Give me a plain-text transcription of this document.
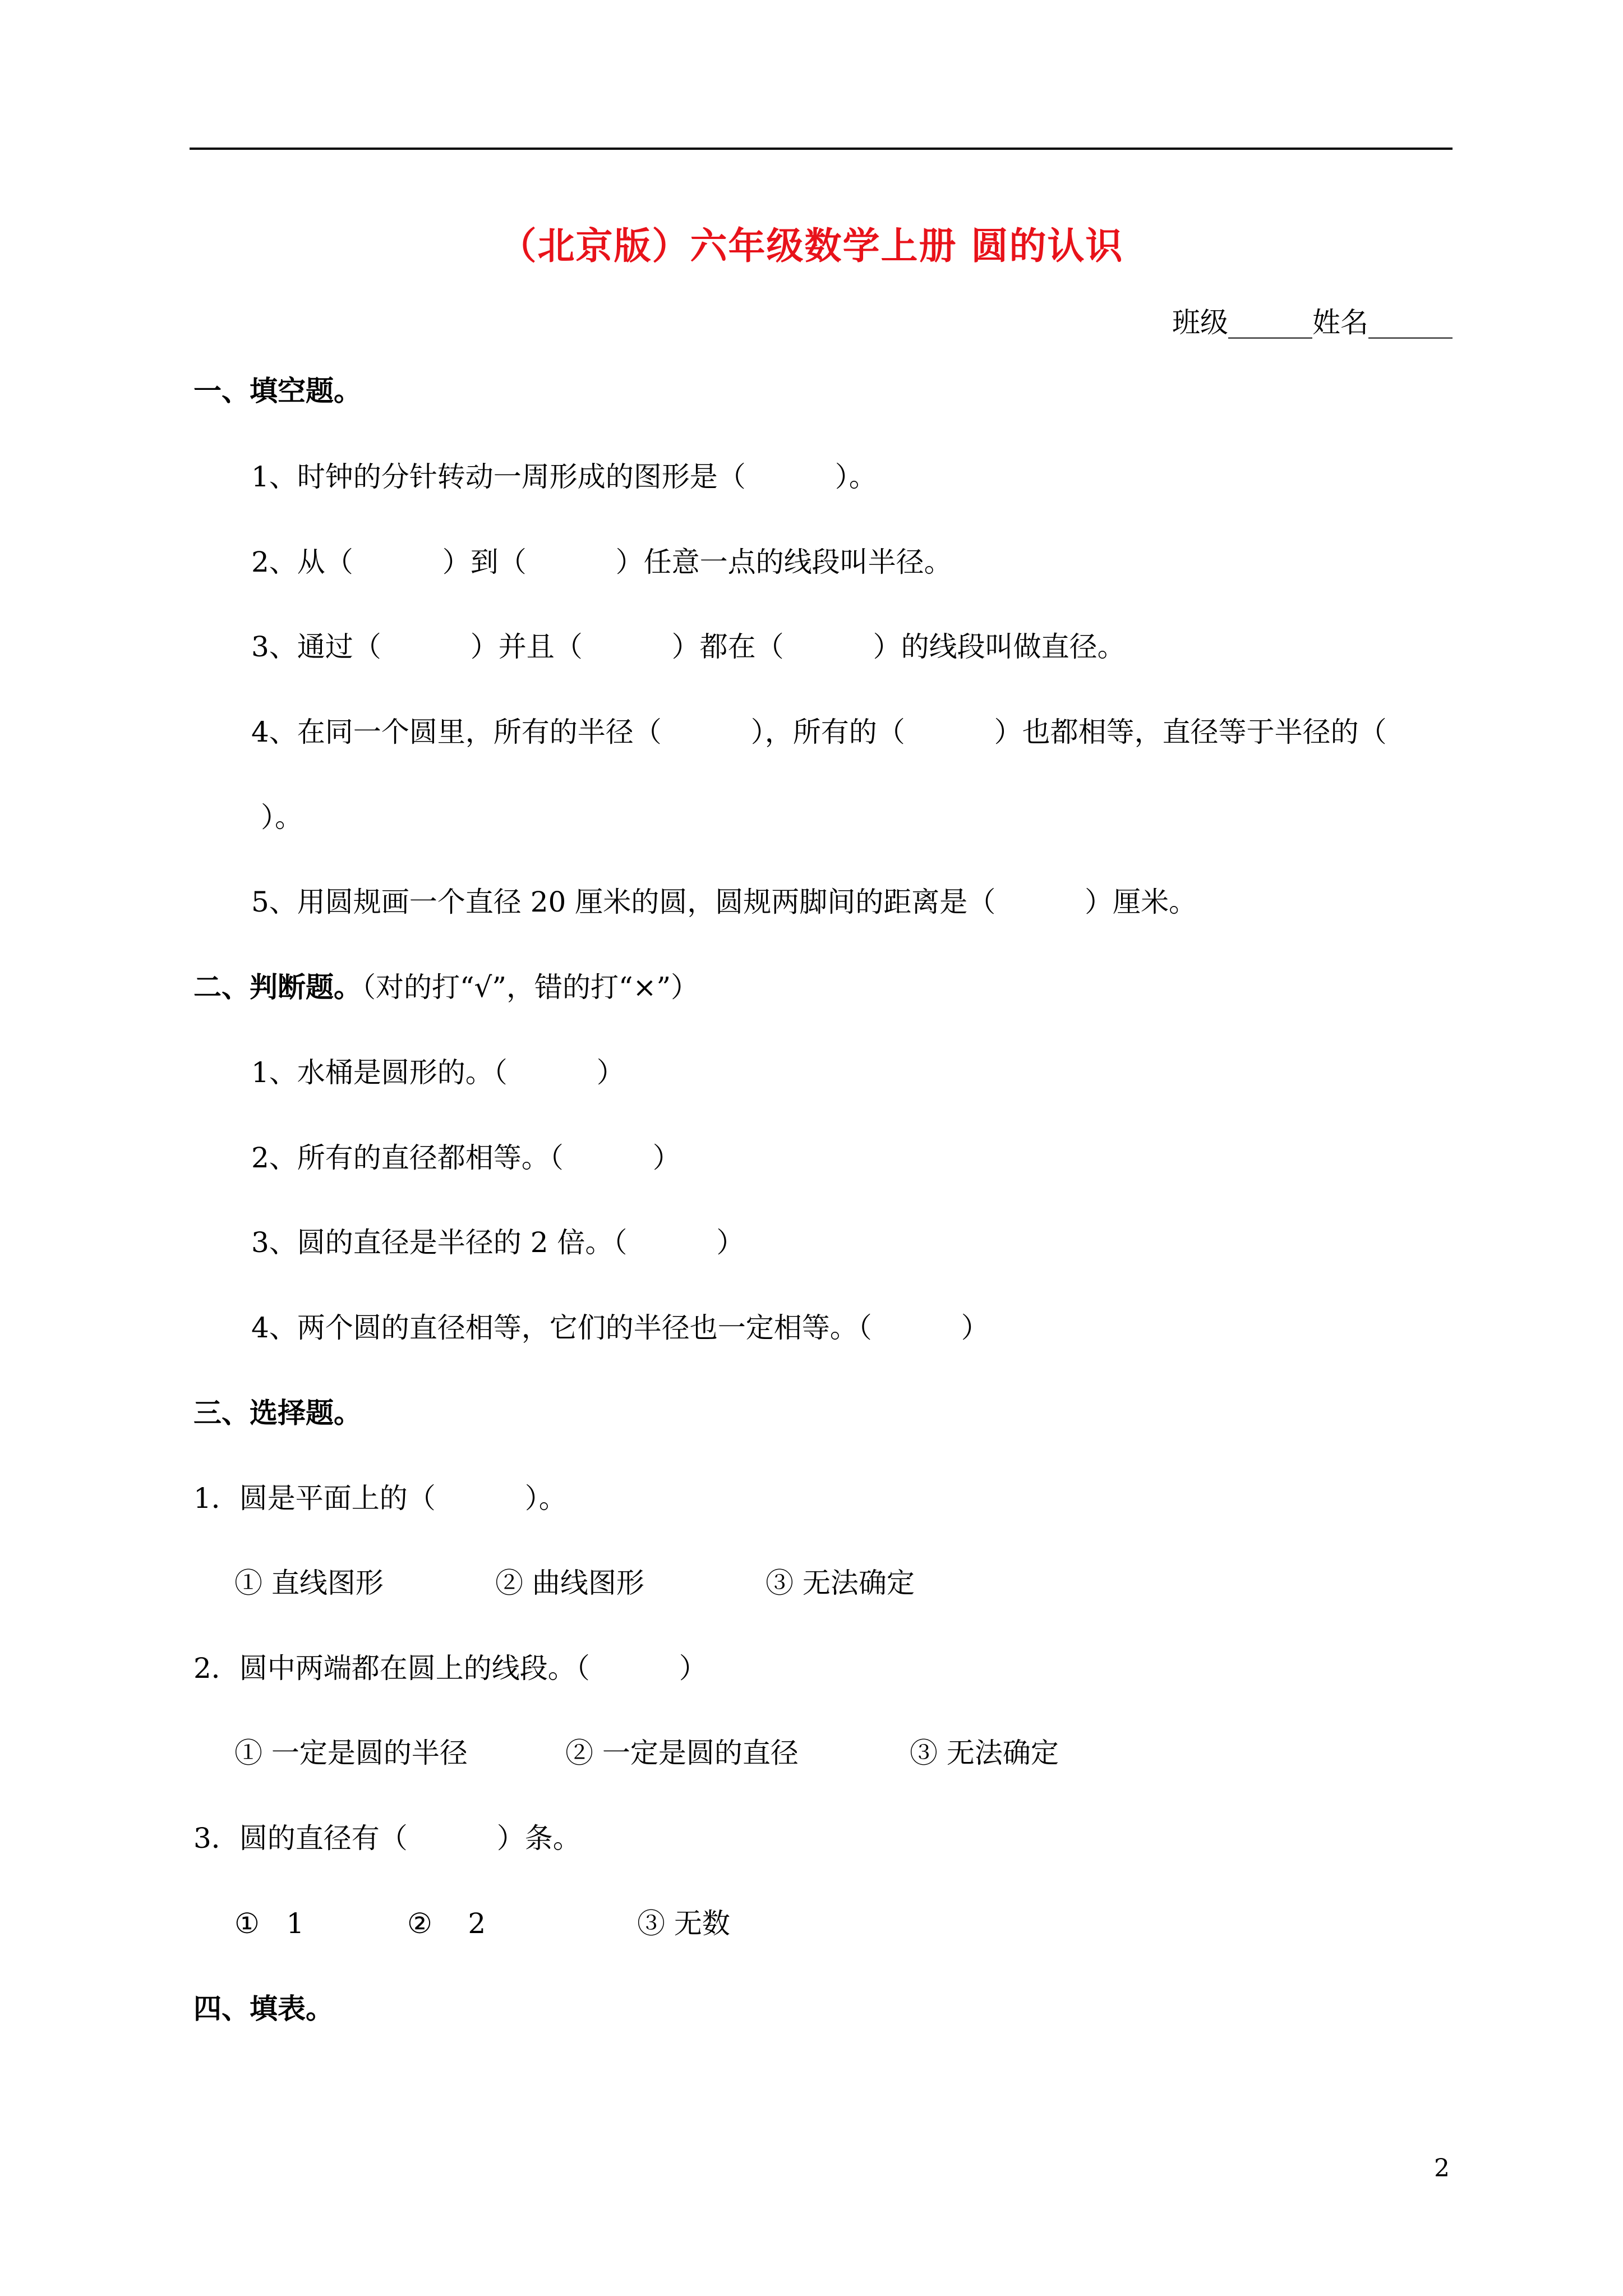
（北京版）六年级数学上册 圆的认识
班级______姓名______
一、填空题。
1、时钟的分针转动一周形成的图形是（          ）。
2、从（          ）到（          ）任意一点的线段叫半径。
3、通过（          ）并且（          ）都在（          ）的线段叫做直径。
4、在同一个圆里，所有的半径（          ），所有的（          ）也都相等，直径等于半径的（
）。
5、用圆规画一个直径 20 厘米的圆，圆规两脚间的距离是（          ）厘米。
二、判断题。（对的打“√”，错的打“×”）
1、水桶是圆形的。（          ）
2、所有的直径都相等。（          ）
3、圆的直径是半径的 2 倍。（          ）
4、两个圆的直径相等，它们的半径也一定相等。（          ）
三、选择题。
1．圆是平面上的（          ）。
① 直线图形	② 曲线图形	③ 无法确定
2．圆中两端都在圆上的线段。（          ）
① 一定是圆的半径	② 一定是圆的直径	③ 无法确定
3．圆的直径有（          ）条。
①   1	②    2	③ 无数
四、填表。
2
